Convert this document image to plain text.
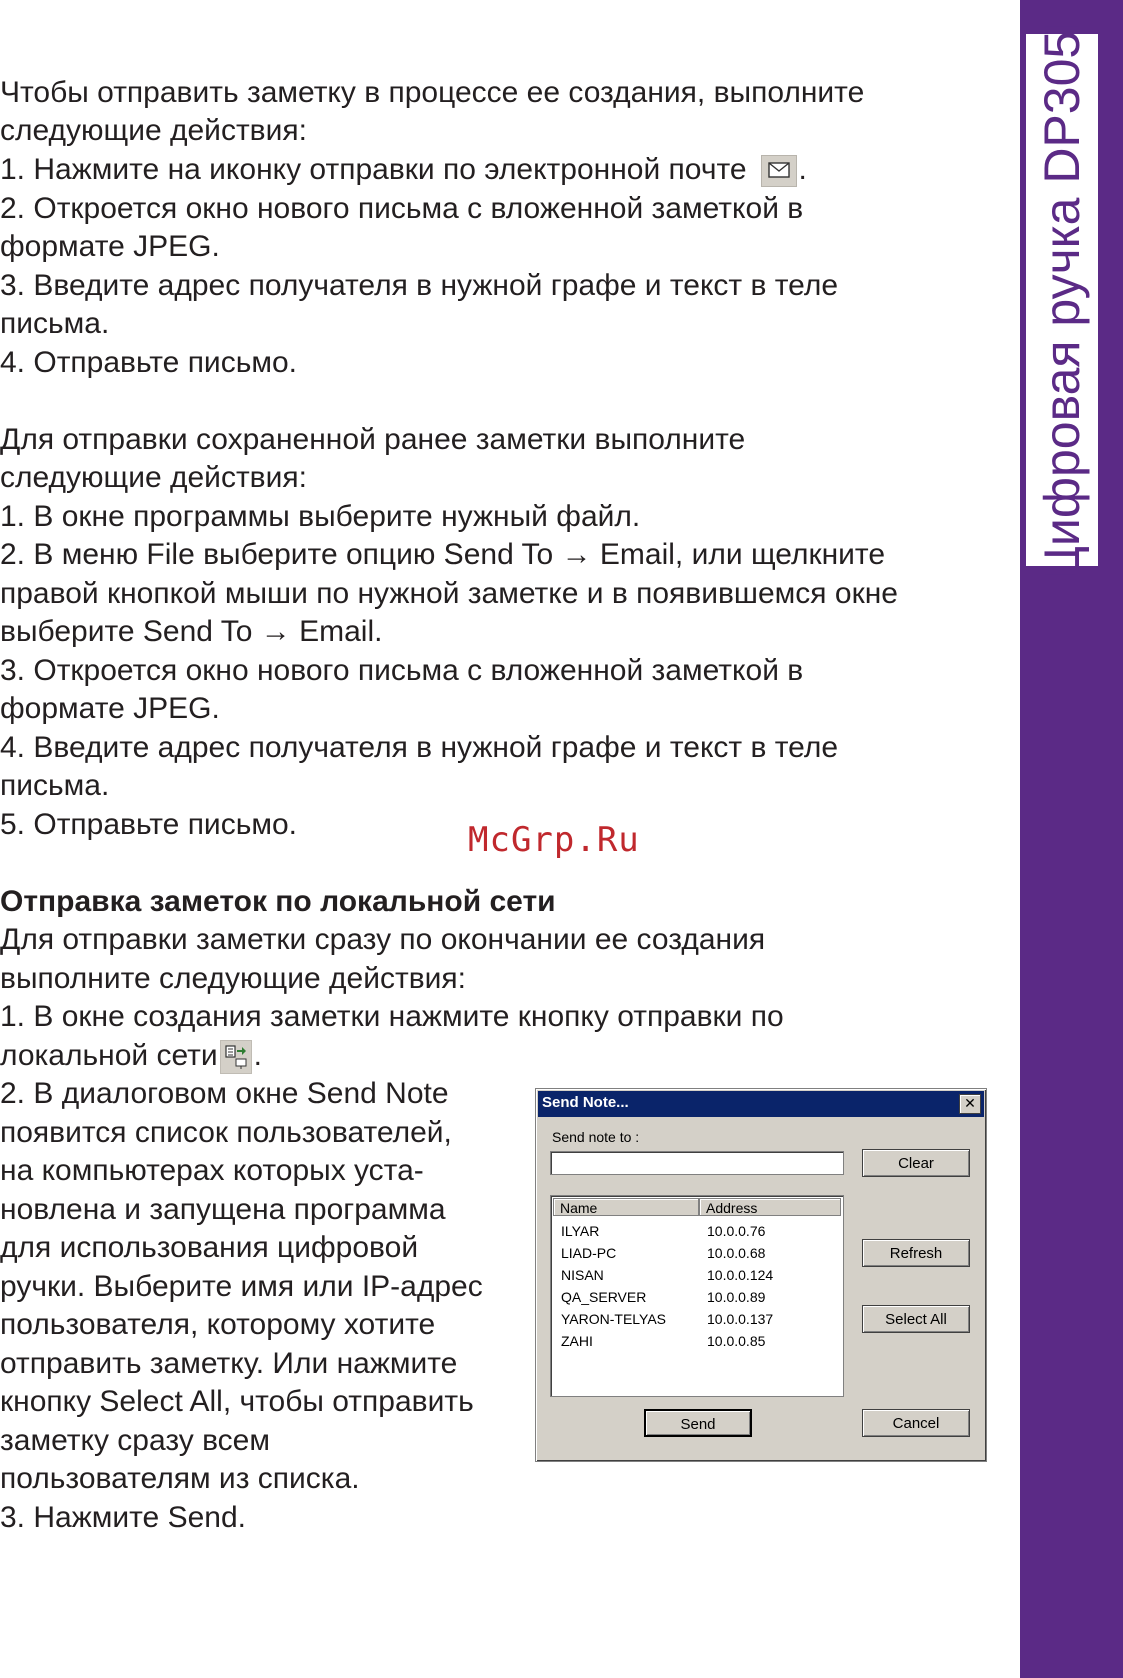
Цифровая ручка DP305I
Чтобы отправить заметку в процессе ее создания, выполните
следующие действия:
1. Нажмите на иконку отправки по электронной почте .
2. Откроется окно нового письма с вложенной заметкой в
формате JPEG.
3. Введите адрес получателя в нужной графе и текст в теле
письма.
4. Отправьте письмо.
Для отправки сохраненной ранее заметки выполните
следующие действия:
1. В окне программы выберите нужный файл.
2. В меню File выберите опцию Send To → Email, или щелкните
правой кнопкой мыши по нужной заметке и в появившемся окне
выберите Send To → Email.
3. Откроется окно нового письма с вложенной заметкой в
формате JPEG.
4. Введите адрес получателя в нужной графе и текст в теле
письма.
5. Отправьте письмо.
Отправка заметок по локальной сети
Для отправки заметки сразу по окончании ее создания
выполните следующие действия:
1. В окне создания заметки нажмите кнопку отправки по
локальной сети .
2. В диалоговом окне Send Note
появится список пользователей,
на компьютерах которых уста-
новлена и запущена программа
для использования цифровой
ручки. Выберите имя или IP-адрес
пользователя, которому хотите
отправить заметку. Или нажмите
кнопку Select All, чтобы отправить
заметку сразу всем
пользователям из списка.
3. Нажмите Send.
McGrp.Ru
Send Note...	✕
Send note to :
Name	Address
ILYAR	10.0.0.76
LIAD-PC	10.0.0.68
NISAN	10.0.0.124
QA_SERVER	10.0.0.89
YARON-TELYAS	10.0.0.137
ZAHI	10.0.0.85
Clear
Refresh
Select All
Send	Cancel
